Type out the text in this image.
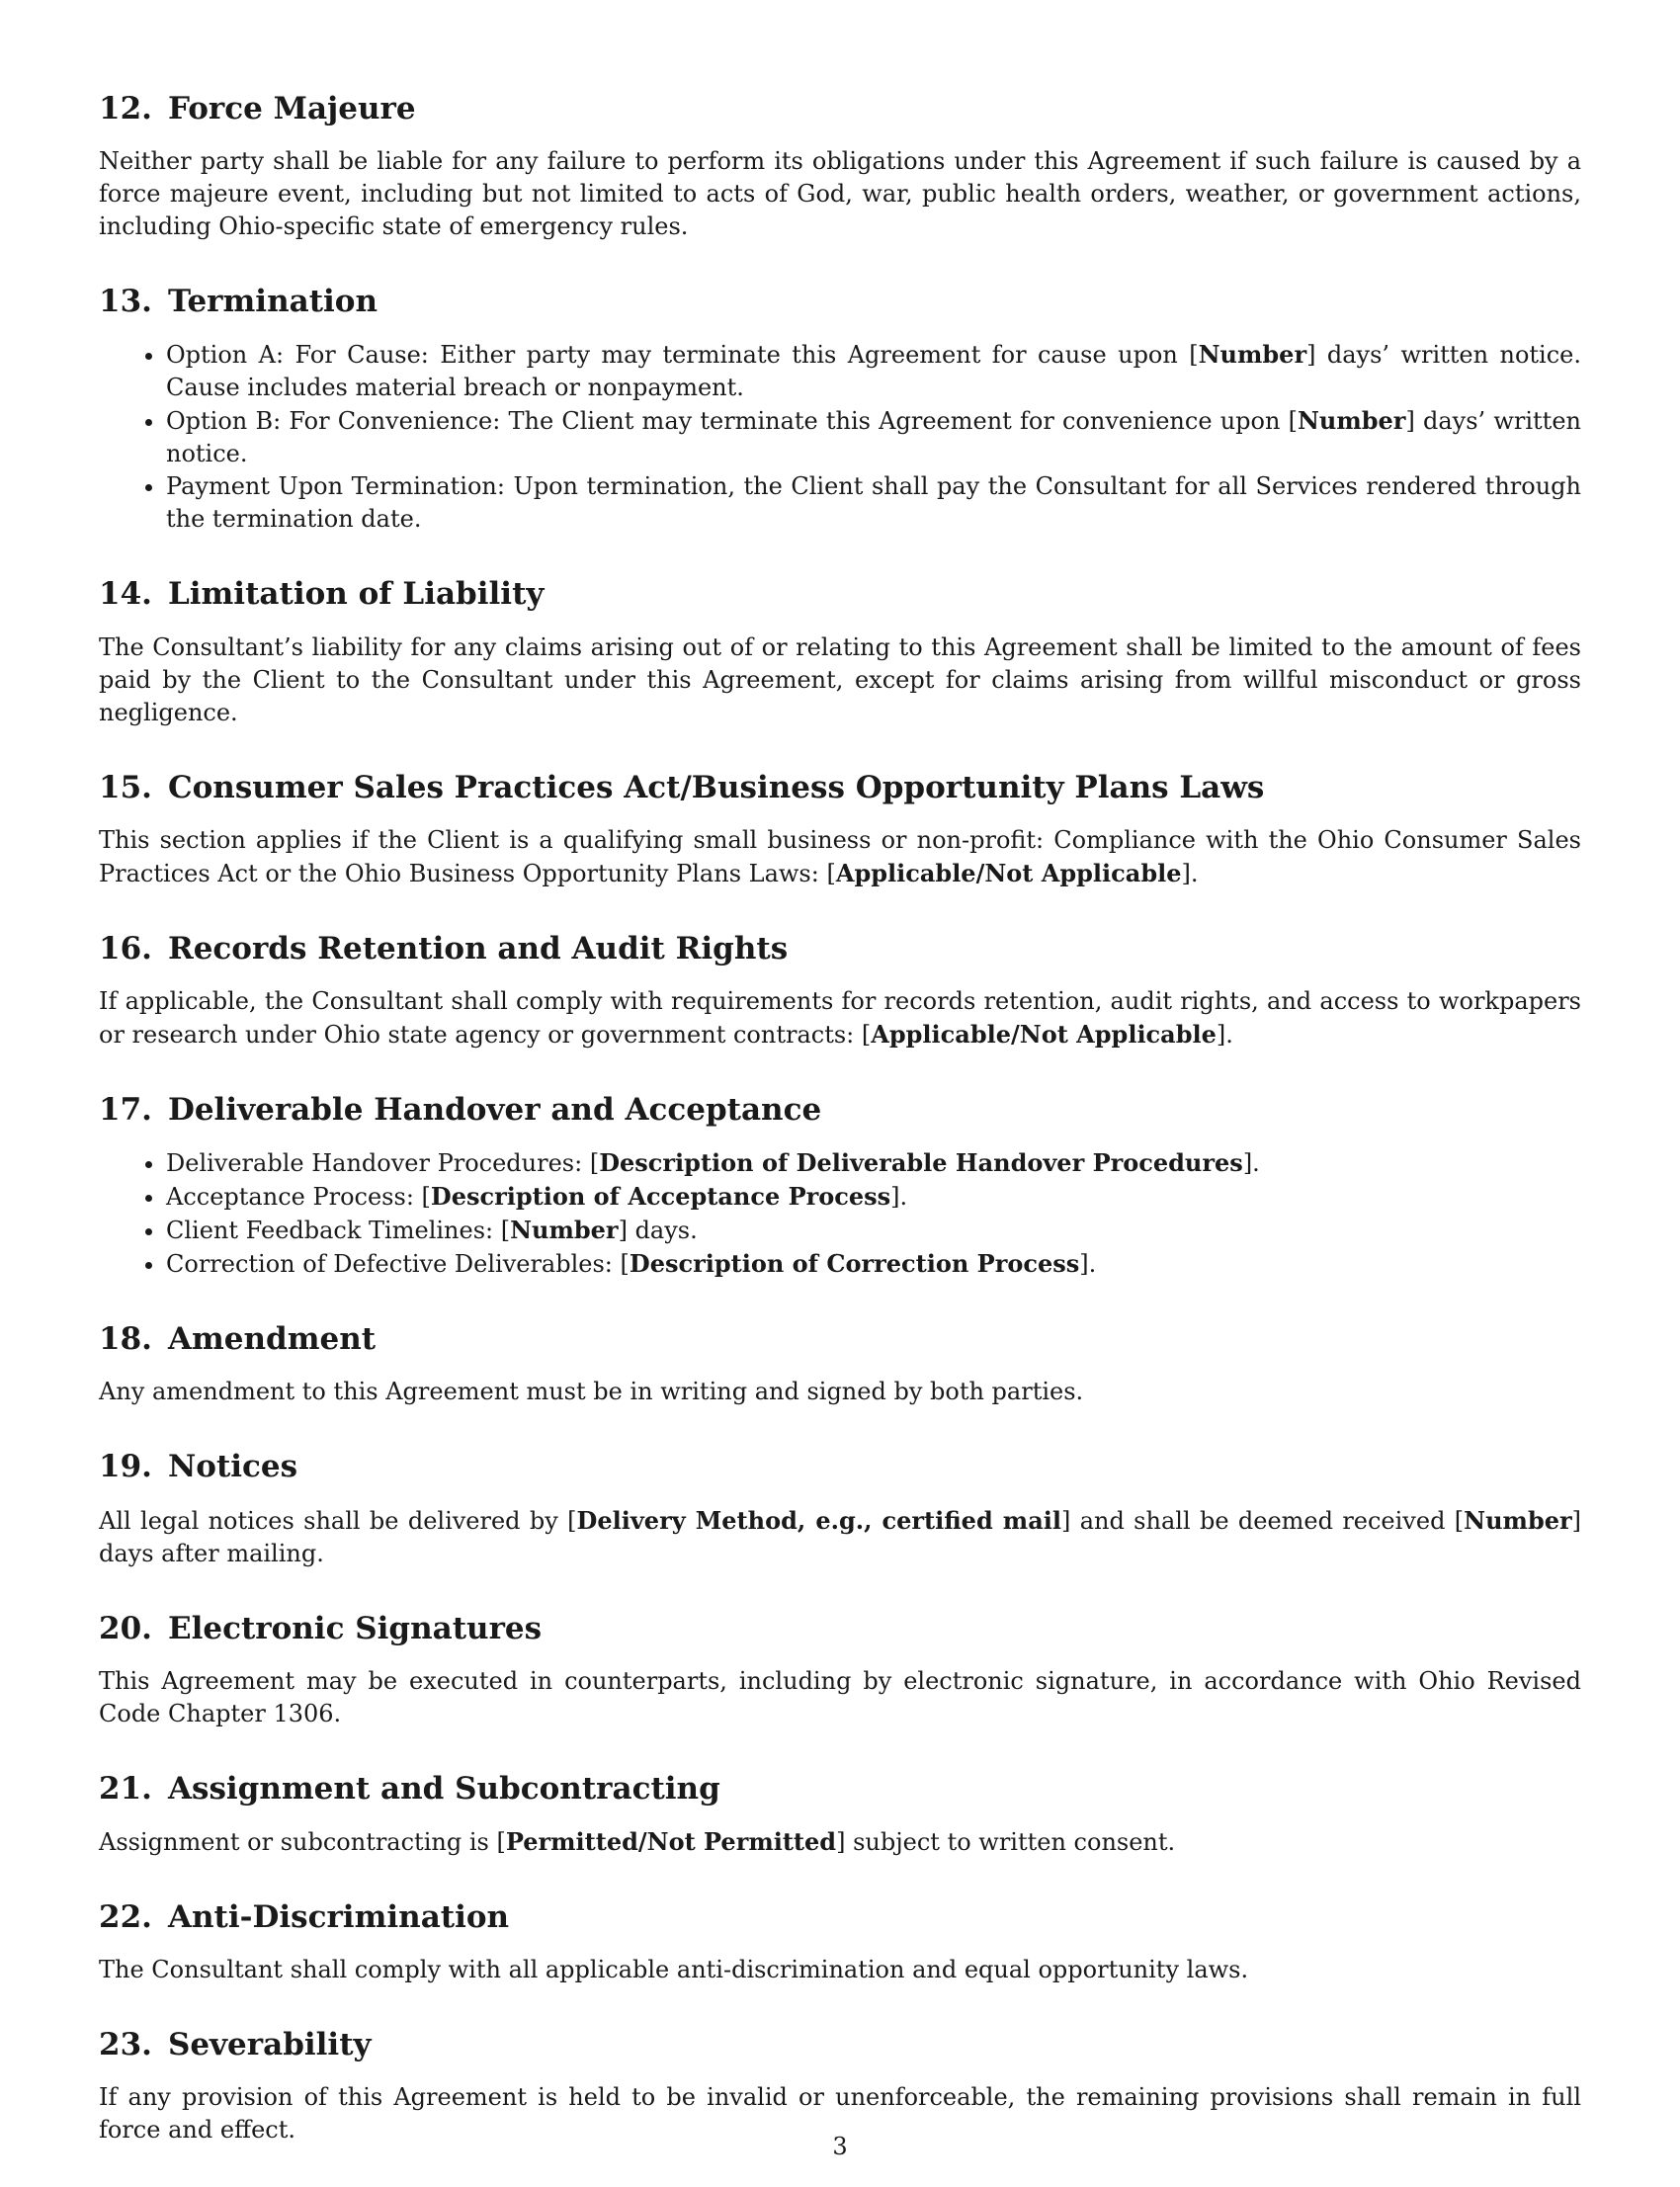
12. Force Majeure

Neither party shall be liable for any failure to perform its obligations under this Agreement if such failure is caused by a force majeure event, including but not limited to acts of God, war, public health orders, weather, or government actions, including Ohio-specific state of emergency rules.

13. Termination
• Option A: For Cause: Either party may terminate this Agreement for cause upon [Number] days’ written notice. Cause includes material breach or nonpayment.
• Option B: For Convenience: The Client may terminate this Agreement for convenience upon [Number] days’ written notice.
• Payment Upon Termination: Upon termination, the Client shall pay the Consultant for all Services rendered through the termination date.
14. Limitation of Liability

The Consultant’s liability for any claims arising out of or relating to this Agreement shall be limited to the amount of fees paid by the Client to the Consultant under this Agreement, except for claims arising from willful misconduct or gross negligence.

15. Consumer Sales Practices Act/Business Opportunity Plans Laws

This section applies if the Client is a qualifying small business or non-profit: Compliance with the Ohio Consumer Sales Practices Act or the Ohio Business Opportunity Plans Laws: [Applicable/Not Applicable].

16. Records Retention and Audit Rights

If applicable, the Consultant shall comply with requirements for records retention, audit rights, and access to workpapers or research under Ohio state agency or government contracts: [Applicable/Not Applicable].

17. Deliverable Handover and Acceptance
• Deliverable Handover Procedures: [Description of Deliverable Handover Procedures].
• Acceptance Process: [Description of Acceptance Process].
• Client Feedback Timelines: [Number] days.
• Correction of Defective Deliverables: [Description of Correction Process].
18. Amendment

Any amendment to this Agreement must be in writing and signed by both parties.

19. Notices

All legal notices shall be delivered by [Delivery Method, e.g., certified mail] and shall be deemed received [Number] days after mailing.

20. Electronic Signatures

This Agreement may be executed in counterparts, including by electronic signature, in accordance with Ohio Revised Code Chapter 1306.

21. Assignment and Subcontracting

Assignment or subcontracting is [Permitted/Not Permitted] subject to written consent.

22. Anti-Discrimination

The Consultant shall comply with all applicable anti-discrimination and equal opportunity laws.

23. Severability

If any provision of this Agreement is held to be invalid or unenforceable, the remaining provisions shall remain in full force and effect.

3
